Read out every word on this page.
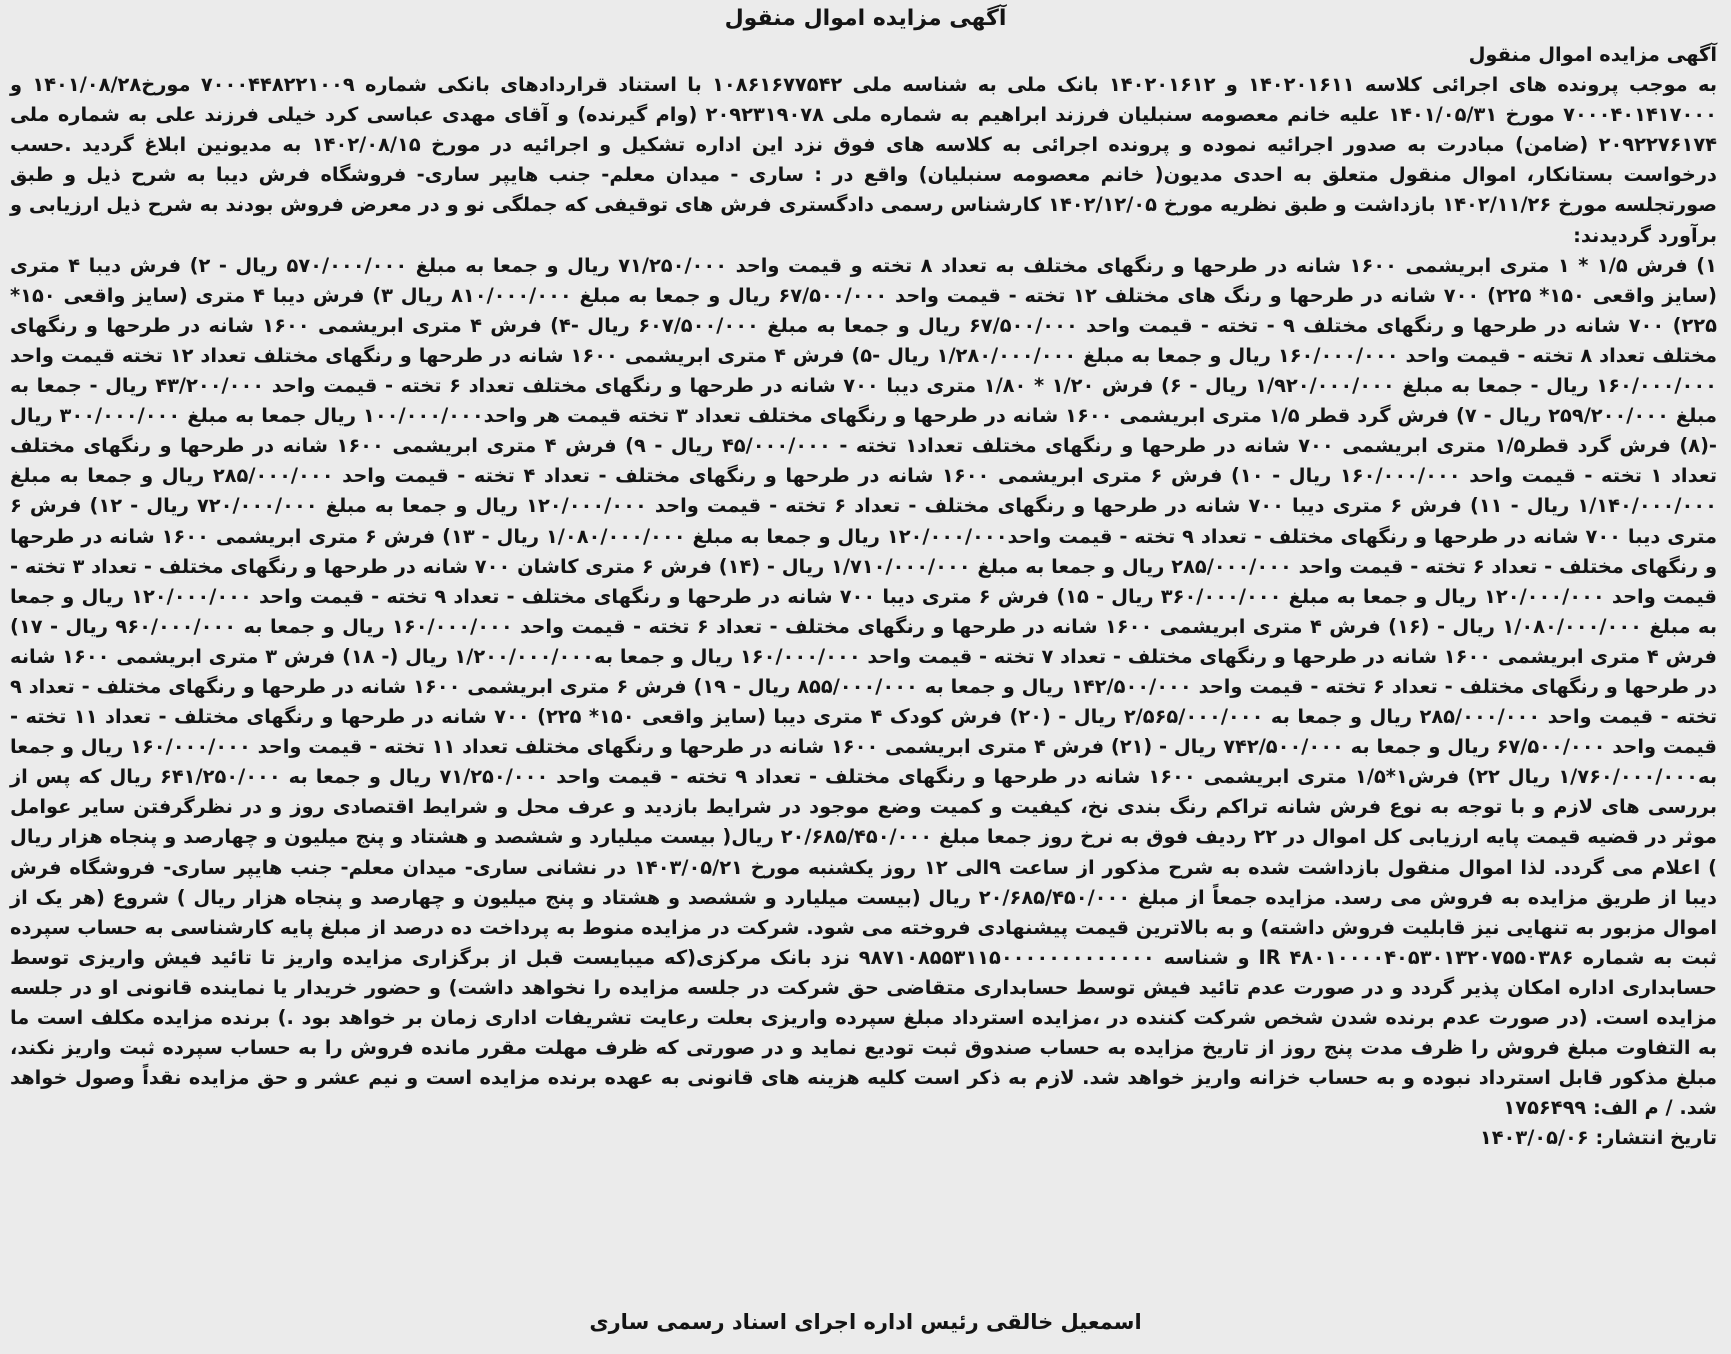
آگهی مزایده اموال منقول

آگهی مزایده اموال منقول

به موجب پرونده های اجرائی کلاسه ۱۴۰۲۰۱۶۱۱ و ۱۴۰۲۰۱۶۱۲ بانک ملی به شناسه ملی ۱۰۸۶۱۶۷۷۵۴۲ با استناد قراردادهای بانکی شماره ۷۰۰۰۴۴۸۲۲۱۰۰۹ مورخ۱۴۰۱/۰۸/۲۸ و ۷۰۰۰۴۰۱۴۱۷۰۰۰ مورخ ۱۴۰۱/۰۵/۳۱ علیه خانم معصومه سنبلیان فرزند ابراهیم به شماره ملی ۲۰۹۲۳۱۹۰۷۸ (وام گیرنده) و آقای مهدی عباسی کرد خیلی فرزند علی به شماره ملی ۲۰۹۲۲۷۶۱۷۴ (ضامن) مبادرت به صدور اجرائیه نموده و پرونده اجرائی به کلاسه های فوق نزد این اداره تشکیل و اجرائیه در مورخ ۱۴۰۲/۰۸/۱۵ به مدیونین ابلاغ گردید .حسب درخواست بستانکار، اموال منقول متعلق به احدی مدیون( خانم معصومه سنبلیان) واقع در : ساری - میدان معلم- جنب هایپر ساری- فروشگاه فرش دیبا به شرح ذیل و طبق صورتجلسه مورخ ۱۴۰۲/۱۱/۲۶ بازداشت و طبق نظریه مورخ ۱۴۰۲/۱۲/۰۵ کارشناس رسمی دادگستری فرش های توقیفی که جملگی نو و در معرض فروش بودند به شرح ذیل ارزیابی و برآورد گردیدند:

۱) فرش ۱/۵ * ۱ متری ابریشمی ۱۶۰۰ شانه در طرحها و رنگهای مختلف به تعداد ۸ تخته و قیمت واحد ۷۱/۲۵۰/۰۰۰ ریال و جمعا به مبلغ ۵۷۰/۰۰۰/۰۰۰ ریال - ۲) فرش دیبا ۴ متری (سایز واقعی ۱۵۰* ۲۲۵) ۷۰۰ شانه در طرحها و رنگ های مختلف ۱۲ تخته - قیمت واحد ۶۷/۵۰۰/۰۰۰ ریال و جمعا به مبلغ ۸۱۰/۰۰۰/۰۰۰ ریال ۳) فرش دیبا ۴ متری (سایز واقعی ۱۵۰* ۲۲۵) ۷۰۰ شانه در طرحها و رنگهای مختلف ۹ - تخته - قیمت واحد ۶۷/۵۰۰/۰۰۰ ریال و جمعا به مبلغ ۶۰۷/۵۰۰/۰۰۰ ریال -۴) فرش ۴ متری ابریشمی ۱۶۰۰ شانه در طرحها و رنگهای مختلف تعداد ۸ تخته - قیمت واحد ۱۶۰/۰۰۰/۰۰۰ ریال و جمعا به مبلغ ۱/۲۸۰/۰۰۰/۰۰۰ ریال -۵) فرش ۴ متری ابریشمی ۱۶۰۰ شانه در طرحها و رنگهای مختلف تعداد ۱۲ تخته قیمت واحد ۱۶۰/۰۰۰/۰۰۰ ریال - جمعا به مبلغ ۱/۹۲۰/۰۰۰/۰۰۰ ریال - ۶) فرش ۱/۲۰ * ۱/۸۰ متری دیبا ۷۰۰ شانه در طرحها و رنگهای مختلف تعداد ۶ تخته - قیمت واحد ۴۳/۲۰۰/۰۰۰ ریال - جمعا به مبلغ ۲۵۹/۲۰۰/۰۰۰ ریال - ۷) فرش گرد قطر ۱/۵ متری ابریشمی ۱۶۰۰ شانه در طرحها و رنگهای مختلف تعداد ۳ تخته قیمت هر واحد۱۰۰/۰۰۰/۰۰۰ ریال جمعا به مبلغ ۳۰۰/۰۰۰/۰۰۰ ریال -(۸) فرش گرد قطر۱/۵ متری ابریشمی ۷۰۰ شانه در طرحها و رنگهای مختلف تعداد۱ تخته - ۴۵/۰۰۰/۰۰۰ ریال - ۹) فرش ۴ متری ابریشمی ۱۶۰۰ شانه در طرحها و رنگهای مختلف تعداد ۱ تخته - قیمت واحد ۱۶۰/۰۰۰/۰۰۰ ریال - ۱۰) فرش ۶ متری ابریشمی ۱۶۰۰ شانه در طرحها و رنگهای مختلف - تعداد ۴ تخته - قیمت واحد ۲۸۵/۰۰۰/۰۰۰ ریال و جمعا به مبلغ ۱/۱۴۰/۰۰۰/۰۰۰ ریال - ۱۱) فرش ۶ متری دیبا ۷۰۰ شانه در طرحها و رنگهای مختلف - تعداد ۶ تخته - قیمت واحد ۱۲۰/۰۰۰/۰۰۰ ریال و جمعا به مبلغ ۷۲۰/۰۰۰/۰۰۰ ریال - ۱۲) فرش ۶ متری دیبا ۷۰۰ شانه در طرحها و رنگهای مختلف - تعداد ۹ تخته - قیمت واحد۱۲۰/۰۰۰/۰۰۰ ریال و جمعا به مبلغ ۱/۰۸۰/۰۰۰/۰۰۰ ریال - ۱۳) فرش ۶ متری ابریشمی ۱۶۰۰ شانه در طرحها و رنگهای مختلف - تعداد ۶ تخته - قیمت واحد ۲۸۵/۰۰۰/۰۰۰ ریال و جمعا به مبلغ ۱/۷۱۰/۰۰۰/۰۰۰ ریال - (۱۴) فرش ۶ متری کاشان ۷۰۰ شانه در طرحها و رنگهای مختلف - تعداد ۳ تخته - قیمت واحد ۱۲۰/۰۰۰/۰۰۰ ریال و جمعا به مبلغ ۳۶۰/۰۰۰/۰۰۰ ریال - ۱۵) فرش ۶ متری دیبا ۷۰۰ شانه در طرحها و رنگهای مختلف - تعداد ۹ تخته - قیمت واحد ۱۲۰/۰۰۰/۰۰۰ ریال و جمعا به مبلغ ۱/۰۸۰/۰۰۰/۰۰۰ ریال - (۱۶) فرش ۴ متری ابریشمی ۱۶۰۰ شانه در طرحها و رنگهای مختلف - تعداد ۶ تخته - قیمت واحد ۱۶۰/۰۰۰/۰۰۰ ریال و جمعا به ۹۶۰/۰۰۰/۰۰۰ ریال - ۱۷) فرش ۴ متری ابریشمی ۱۶۰۰ شانه در طرحها و رنگهای مختلف - تعداد ۷ تخته - قیمت واحد ۱۶۰/۰۰۰/۰۰۰ ریال و جمعا به۱/۲۰۰/۰۰۰/۰۰۰ ریال (- ۱۸) فرش ۳ متری ابریشمی ۱۶۰۰ شانه در طرحها و رنگهای مختلف - تعداد ۶ تخته - قیمت واحد ۱۴۲/۵۰۰/۰۰۰ ریال و جمعا به ۸۵۵/۰۰۰/۰۰۰ ریال - ۱۹) فرش ۶ متری ابریشمی ۱۶۰۰ شانه در طرحها و رنگهای مختلف - تعداد ۹ تخته - قیمت واحد ۲۸۵/۰۰۰/۰۰۰ ریال و جمعا به ۲/۵۶۵/۰۰۰/۰۰۰ ریال - (۲۰) فرش کودک ۴ متری دیبا (سایز واقعی ۱۵۰* ۲۲۵) ۷۰۰ شانه در طرحها و رنگهای مختلف - تعداد ۱۱ تخته - قیمت واحد ۶۷/۵۰۰/۰۰۰ ریال و جمعا به ۷۴۲/۵۰۰/۰۰۰ ریال - (۲۱) فرش ۴ متری ابریشمی ۱۶۰۰ شانه در طرحها و رنگهای مختلف تعداد ۱۱ تخته - قیمت واحد ۱۶۰/۰۰۰/۰۰۰ ریال و جمعا به۱/۷۶۰/۰۰۰/۰۰۰ ریال ۲۲) فرش۱*۱/۵ متری ابریشمی ۱۶۰۰ شانه در طرحها و رنگهای مختلف - تعداد ۹ تخته - قیمت واحد ۷۱/۲۵۰/۰۰۰ ریال و جمعا به ۶۴۱/۲۵۰/۰۰۰ ریال که پس از بررسی های لازم و با توجه به نوع فرش شانه تراکم رنگ بندی نخ، کیفیت و کمیت وضع موجود در شرایط بازدید و عرف محل و شرایط اقتصادی روز و در نظرگرفتن سایر عوامل موثر در قضیه قیمت پایه ارزیابی کل اموال در ۲۲ ردیف فوق به نرخ روز جمعا مبلغ ۲۰/۶۸۵/۴۵۰/۰۰۰ ریال( بیست میلیارد و ششصد و هشتاد و پنج میلیون و چهارصد و پنجاه هزار ریال ) اعلام می گردد. لذا اموال منقول بازداشت شده به شرح مذکور از ساعت ۹الی ۱۲ روز یکشنبه مورخ ۱۴۰۳/۰۵/۲۱ در نشانی ساری- میدان معلم- جنب هایپر ساری- فروشگاه فرش دیبا از طریق مزایده به فروش می رسد. مزایده جمعاً از مبلغ ۲۰/۶۸۵/۴۵۰/۰۰۰ ریال (بیست میلیارد و ششصد و هشتاد و پنج میلیون و چهارصد و پنجاه هزار ریال ) شروع (هر یک از اموال مزبور به تنهایی نیز قابلیت فروش داشته) و به بالاترین قیمت پیشنهادی فروخته می شود. شرکت در مزایده منوط به پرداخت ده درصد از مبلغ پایه کارشناسی به حساب سپرده ثبت به شماره IR ۴۸۰۱۰۰۰۰۴۰۵۳۰۱۳۲۰۷۵۵۰۳۸۶ و شناسه ۹۸۷۱۰۸۵۵۳۱۱۵۰۰۰۰۰۰۰۰۰۰۰۰۰ نزد بانک مرکزی(که میبایست قبل از برگزاری مزایده واریز تا تائید فیش واریزی توسط حسابداری اداره امکان پذیر گردد و در صورت عدم تائید فیش توسط حسابداری متقاضی حق شرکت در جلسه مزایده را نخواهد داشت) و حضور خریدار یا نماینده قانونی او در جلسه مزایده است. (در صورت عدم برنده شدن شخص شرکت کننده در ،مزایده استرداد مبلغ سپرده واریزی بعلت رعایت تشریفات اداری زمان بر خواهد بود .) برنده مزایده مکلف است ما به التفاوت مبلغ فروش را ظرف مدت پنج روز از تاریخ مزایده به حساب صندوق ثبت تودیع نماید و در صورتی که ظرف مهلت مقرر مانده فروش را به حساب سپرده ثبت واریز نکند، مبلغ مذکور قابل استرداد نبوده و به حساب خزانه واریز خواهد شد. لازم به ذکر است کلیه هزینه های قانونی به عهده برنده مزایده است و نیم عشر و حق مزایده نقداً وصول خواهد شد. / م الف: ۱۷۵۶۴۹۹

تاریخ انتشار: ۱۴۰۳/۰۵/۰۶

اسمعیل خالقی رئیس اداره اجرای اسناد رسمی ساری
